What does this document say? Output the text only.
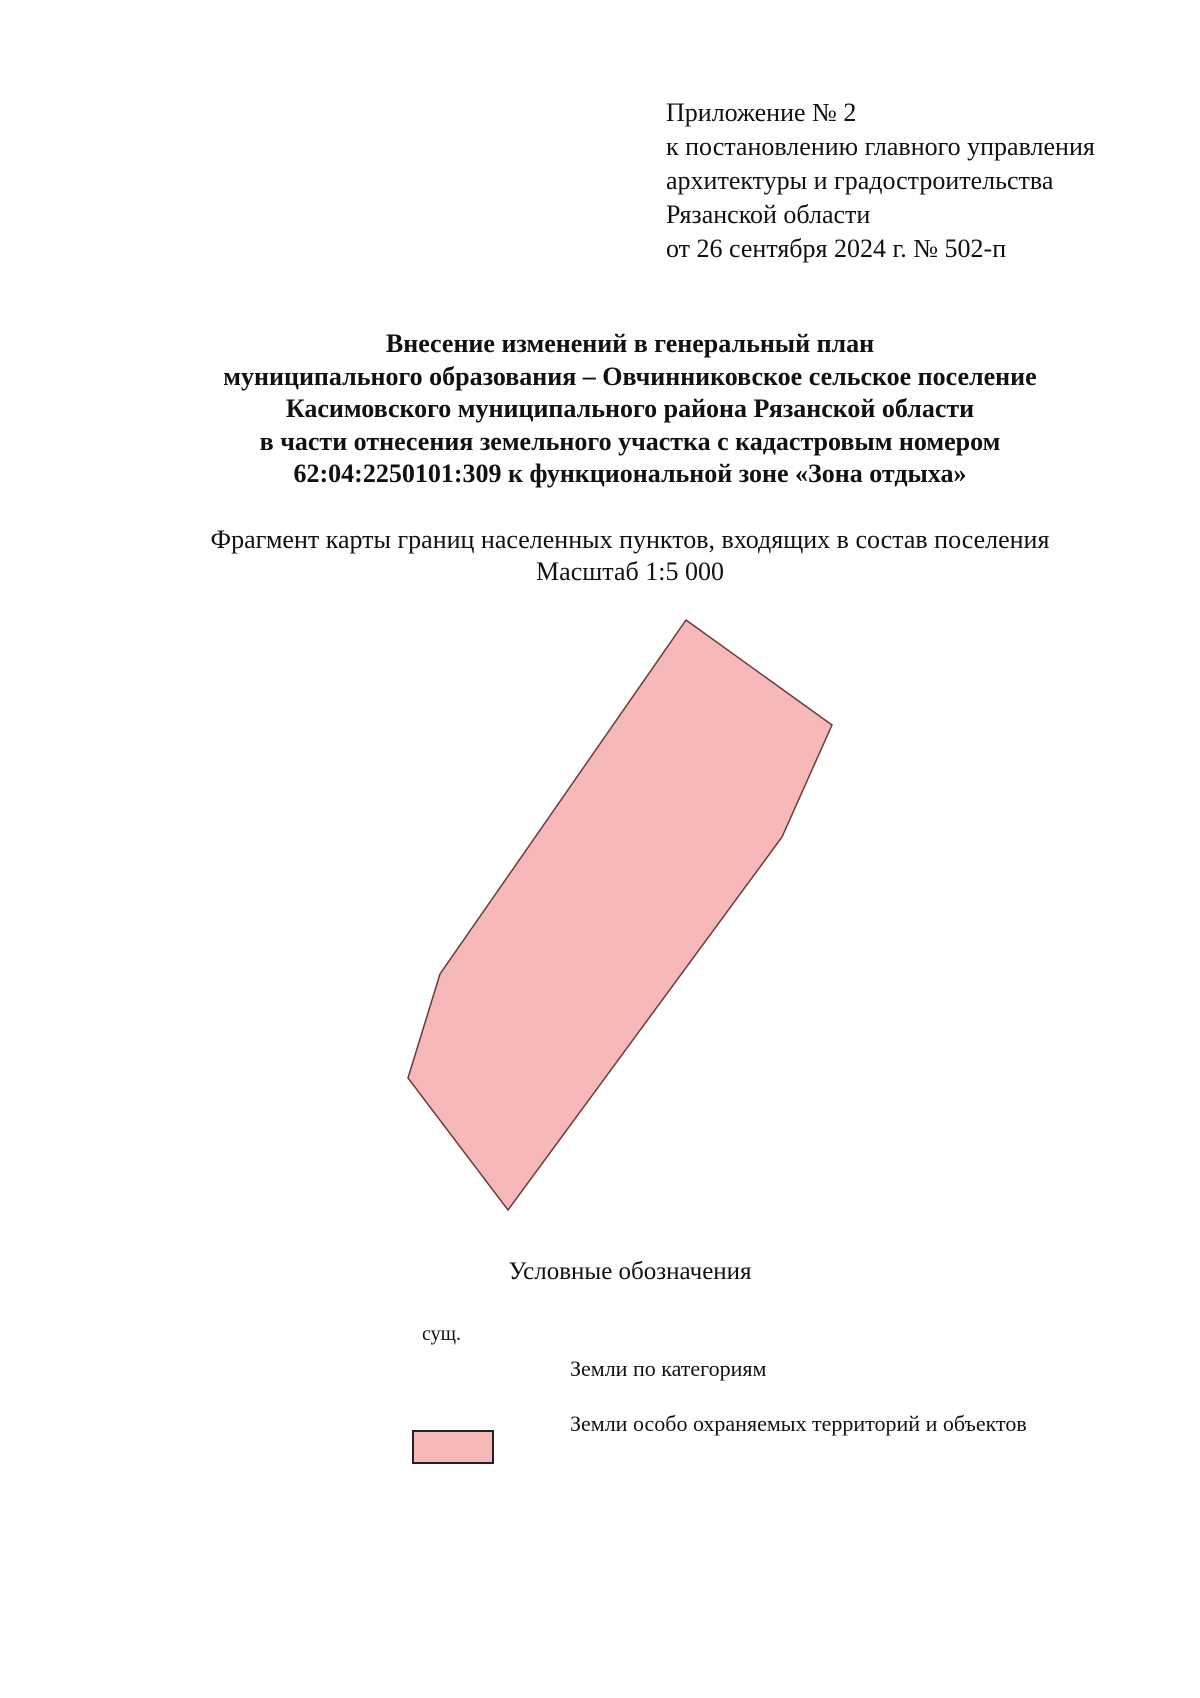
Приложение № 2
к постановлению главного управления
архитектуры и градостроительства
Рязанской области
от 26 сентября 2024 г. № 502-п
Внесение изменений в генеральный план
муниципального образования – Овчинниковское сельское поселение
Касимовского муниципального района Рязанской области
в части отнесения земельного участка с кадастровым номером
62:04:2250101:309 к функциональной зоне «Зона отдыха»
Фрагмент карты границ населенных пунктов, входящих в состав поселения
Масштаб 1:5 000
Условные обозначения
сущ.
Земли по категориям
Земли особо охраняемых территорий и объектов
